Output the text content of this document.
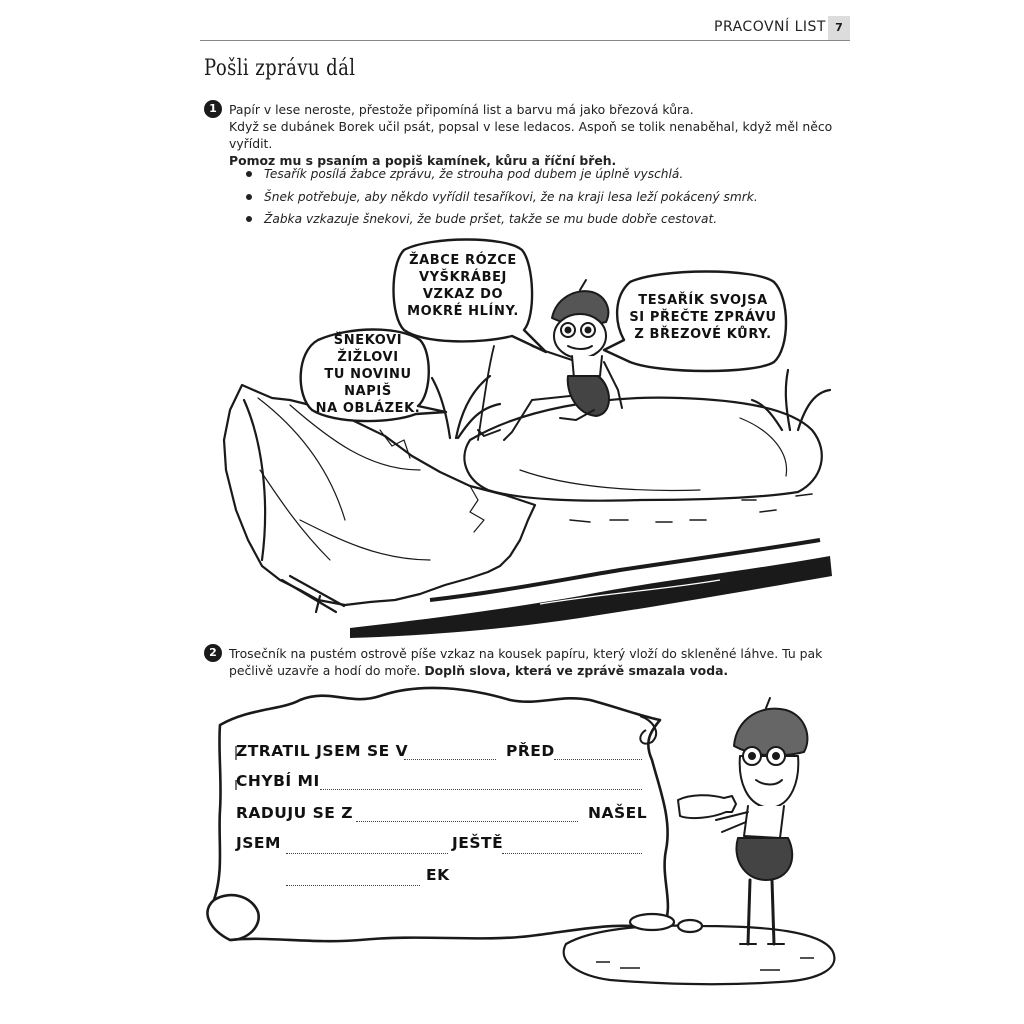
PRACOVNÍ LIST 7
Pošli zprávu dál
1 Papír v lese neroste, přestože připomíná list a barvu má jako březová kůra.
Když se dubánek Borek učil psát, popsal v lese ledacos. Aspoň se tolik nenaběhal, když měl něco vyřídit.
Pomoz mu s psaním a popiš kamínek, kůru a říční břeh.
Tesařík posílá žabce zprávu, že strouha pod dubem je úplně vyschlá.
Šnek potřebuje, aby někdo vyřídil tesaříkovi, že na kraji lesa leží pokácený smrk.
Žabka vzkazuje šnekovi, že bude pršet, takže se mu bude dobře cestovat.
ŠNEKOVI
ŽIŽLOVI
TU NOVINU NAPIŠ
NA OBLÁZEK.
ŽABCE RÓZCE
VYŠKRÁBEJ
VZKAZ DO
MOKRÉ HLÍNY.
TESAŘÍK SVOJSA
SI PŘEČTE ZPRÁVU
Z BŘEZOVÉ KŮRY.
2 Trosečník na pustém ostrově píše vzkaz na kousek papíru, který vloží do skleněné láhve. Tu pak
pečlivě uzavře a hodí do moře. Doplň slova, která ve zprávě smazala voda.
ZTRATIL JSEM SE V	PŘED
CHYBÍ MI
RADUJU SE Z	NAŠEL
JSEM	JEŠTĚ
EK
